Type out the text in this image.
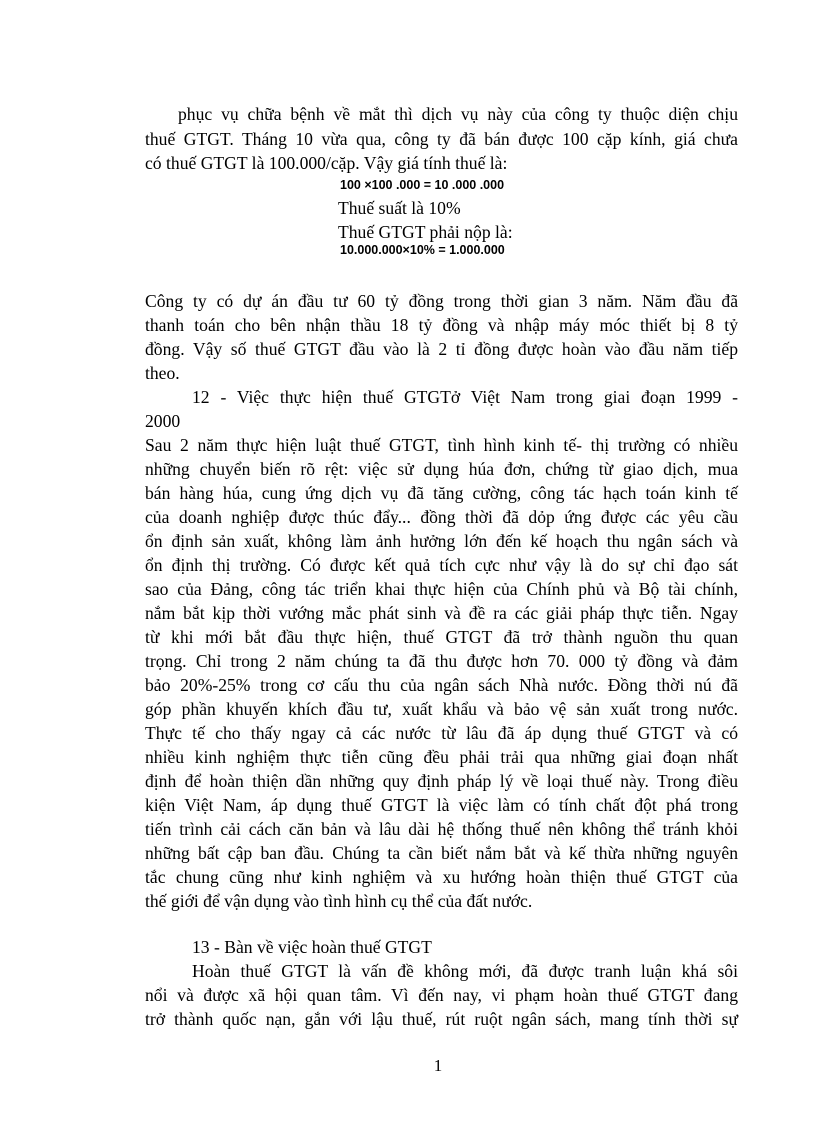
phục vụ chữa bệnh về mắt thì dịch vụ này của công ty thuộc diện chịu
thuế GTGT. Tháng 10 vừa qua, công ty đã bán được 100 cặp kính, giá chưa
có thuế GTGT là 100.000/cặp. Vậy giá tính thuế là:
100 ×100 .000 = 10 .000 .000
Thuế suất là 10%
Thuế GTGT phải nộp là:
10.000.000×10% = 1.000.000
Công ty có dự án đầu tư 60 tỷ đồng trong thời gian 3 năm. Năm đầu đã
thanh toán cho bên nhận thầu 18 tỷ đồng và nhập máy móc thiết bị 8 tỷ
đồng. Vậy số thuế GTGT đầu vào là 2 tỉ đồng được hoàn vào đầu năm tiếp
theo.
12 - Việc thực hiện thuế GTGTở Việt Nam trong giai đoạn 1999 -
2000
Sau 2 năm thực hiện luật thuế GTGT, tình hình kinh tế- thị trường có nhiều
những chuyển biến rõ rệt: việc sử dụng húa đơn, chứng từ giao dịch, mua
bán hàng húa, cung ứng dịch vụ đã tăng cường, công tác hạch toán kinh tế
của doanh nghiệp được thúc đẩy... đồng thời đã dỏp ứng được các yêu cầu
ổn định sản xuất, không làm ảnh hưởng lớn đến kế hoạch thu ngân sách và
ổn định thị trường. Có được kết quả tích cực như vậy là do sự chỉ đạo sát
sao của Đảng, công tác triển khai thực hiện của Chính phủ và Bộ tài chính,
nắm bắt kịp thời vướng mắc phát sinh và đề ra các giải pháp thực tiễn. Ngay
từ khi mới bắt đầu thực hiện, thuế GTGT đã trở thành nguồn thu quan
trọng. Chỉ trong 2 năm chúng ta đã thu được hơn 70. 000 tỷ đồng và đảm
bảo 20%-25% trong cơ cấu thu của ngân sách Nhà nước. Đồng thời nú đã
góp phần khuyến khích đầu tư, xuất khẩu và bảo vệ sản xuất trong nước.
Thực tế cho thấy ngay cả các nước từ lâu đã áp dụng thuế GTGT và có
nhiều kinh nghiệm thực tiễn cũng đều phải trải qua những giai đoạn nhất
định để hoàn thiện dần những quy định pháp lý về loại thuế này. Trong điều
kiện Việt Nam, áp dụng thuế GTGT là việc làm có tính chất đột phá trong
tiến trình cải cách căn bản và lâu dài hệ thống thuế nên không thể tránh khỏi
những bất cập ban đầu. Chúng ta cần biết nắm bắt và kế thừa những nguyên
tắc chung cũng như kinh nghiệm và xu hướng hoàn thiện thuế GTGT của
thế giới để vận dụng vào tình hình cụ thể của đất nước.
13 - Bàn về việc hoàn thuế GTGT
Hoàn thuế GTGT là vấn đề không mới, đã được tranh luận khá sôi
nổi và được xã hội quan tâm. Vì đến nay, vi phạm hoàn thuế GTGT đang
trở thành quốc nạn, gắn với lậu thuế, rút ruột ngân sách, mang tính thời sự
1
